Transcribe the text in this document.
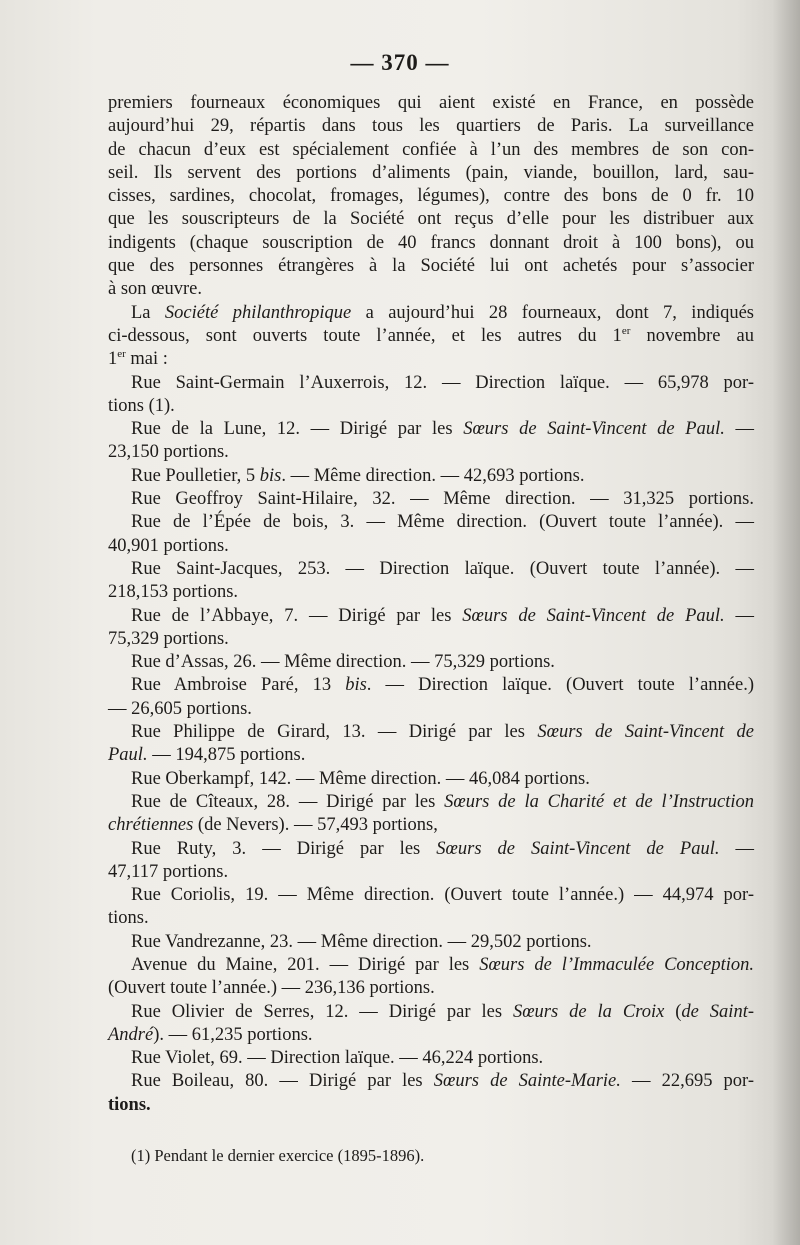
— 370 —
premiers fourneaux économiques qui aient existé en France, en possède
aujourd’hui 29, répartis dans tous les quartiers de Paris. La surveillance
de chacun d’eux est spécialement confiée à l’un des membres de son con-
seil. Ils servent des portions d’aliments (pain, viande, bouillon, lard, sau-
cisses, sardines, chocolat, fromages, légumes), contre des bons de 0 fr. 10
que les souscripteurs de la Société ont reçus d’elle pour les distribuer aux
indigents (chaque souscription de 40 francs donnant droit à 100 bons), ou
que des personnes étrangères à la Société lui ont achetés pour s’associer
à son œuvre.
La Société philanthropique a aujourd’hui 28 fourneaux, dont 7, indiqués
ci-dessous, sont ouverts toute l’année, et les autres du 1er novembre au
1er mai :
Rue Saint-Germain l’Auxerrois, 12. — Direction laïque. — 65,978 por-
tions (1).
Rue de la Lune, 12. — Dirigé par les Sœurs de Saint-Vincent de Paul. —
23,150 portions.
Rue Poulletier, 5 bis. — Même direction. — 42,693 portions.
Rue Geoffroy Saint-Hilaire, 32. — Même direction. — 31,325 portions.
Rue de l’Épée de bois, 3. — Même direction. (Ouvert toute l’année). —
40,901 portions.
Rue Saint-Jacques, 253. — Direction laïque. (Ouvert toute l’année). —
218,153 portions.
Rue de l’Abbaye, 7. — Dirigé par les Sœurs de Saint-Vincent de Paul. —
75,329 portions.
Rue d’Assas, 26. — Même direction. — 75,329 portions.
Rue Ambroise Paré, 13 bis. — Direction laïque. (Ouvert toute l’année.)
— 26,605 portions.
Rue Philippe de Girard, 13. — Dirigé par les Sœurs de Saint-Vincent de
Paul. — 194,875 portions.
Rue Oberkampf, 142. — Même direction. — 46,084 portions.
Rue de Cîteaux, 28. — Dirigé par les Sœurs de la Charité et de l’Instruction
chrétiennes (de Nevers). — 57,493 portions,
Rue Ruty, 3. — Dirigé par les Sœurs de Saint-Vincent de Paul. —
47,117 portions.
Rue Coriolis, 19. — Même direction. (Ouvert toute l’année.) — 44,974 por-
tions.
Rue Vandrezanne, 23. — Même direction. — 29,502 portions.
Avenue du Maine, 201. — Dirigé par les Sœurs de l’Immaculée Conception.
(Ouvert toute l’année.) — 236,136 portions.
Rue Olivier de Serres, 12. — Dirigé par les Sœurs de la Croix (de Saint-
André). — 61,235 portions.
Rue Violet, 69. — Direction laïque. — 46,224 portions.
Rue Boileau, 80. — Dirigé par les Sœurs de Sainte-Marie. — 22,695 por-
tions.
(1) Pendant le dernier exercice (1895-1896).
